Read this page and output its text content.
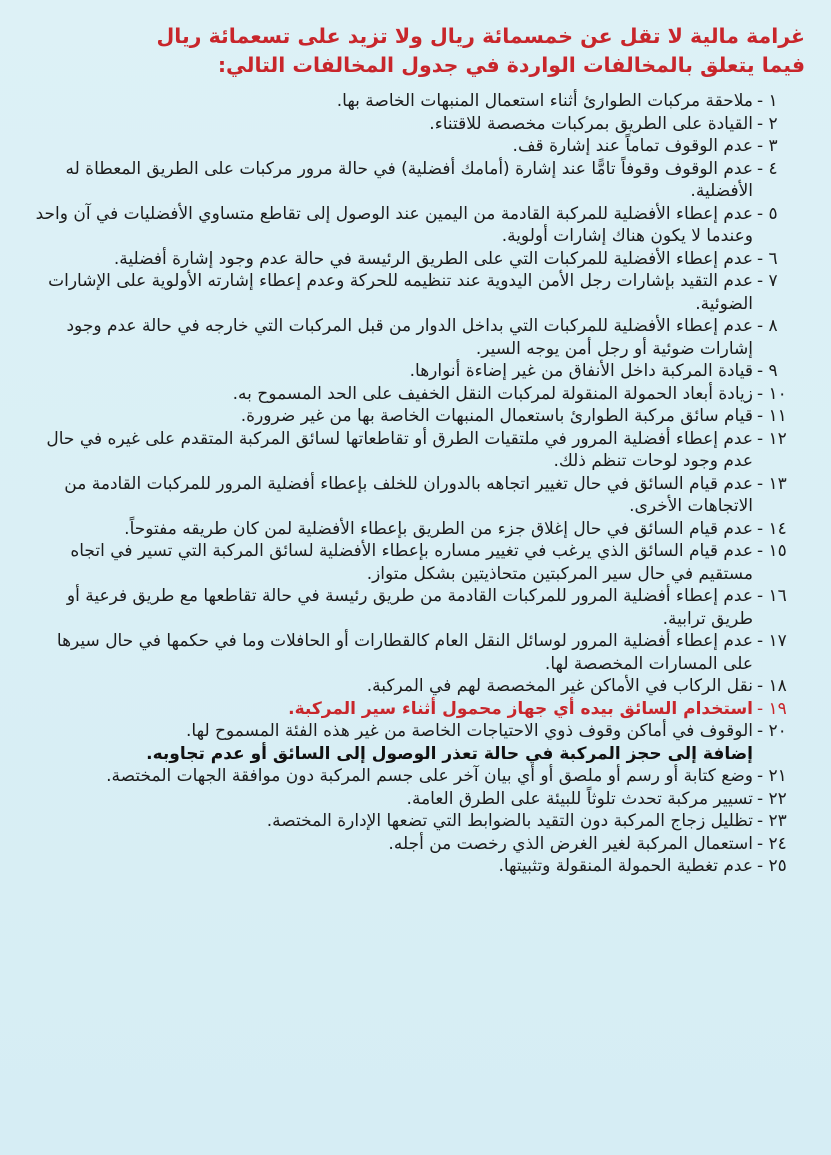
غرامة مالية لا تقل عن خمسمائة ريال ولا تزيد على تسعمائة ريال
فيما يتعلق بالمخالفات الواردة في جدول المخالفات التالي:
١ -
ملاحقة مركبات الطوارئ أثناء استعمال المنبهات الخاصة بها.
٢ -
القيادة على الطريق بمركبات مخصصة للاقتناء.
٣ -
عدم الوقوف تماماً عند إشارة قف.
٤ -
عدم الوقوف وقوفاً تامًّا عند إشارة (أمامك أفضلية) في حالة مرور مركبات على الطريق المعطاة له الأفضلية.
٥ -
عدم إعطاء الأفضلية للمركبة القادمة من اليمين عند الوصول إلى تقاطع متساوي الأفضليات في آن واحد وعندما لا يكون هناك إشارات أولوية.
٦ -
عدم إعطاء الأفضلية للمركبات التي على الطريق الرئيسة في حالة عدم وجود إشارة أفضلية.
٧ -
عدم التقيد بإشارات رجل الأمن اليدوية عند تنظيمه للحركة وعدم إعطاء إشارته الأولوية على الإشارات الضوئية.
٨ -
عدم إعطاء الأفضلية للمركبات التي بداخل الدوار من قبل المركبات التي خارجه في حالة عدم وجود إشارات ضوئية أو رجل أمن يوجه السير.
٩ -
قيادة المركبة داخل الأنفاق من غير إضاءة أنوارها.
١٠ -
زيادة أبعاد الحمولة المنقولة لمركبات النقل الخفيف على الحد المسموح به.
١١ -
قيام سائق مركبة الطوارئ باستعمال المنبهات الخاصة بها من غير ضرورة.
١٢ -
عدم إعطاء أفضلية المرور في ملتقيات الطرق أو تقاطعاتها لسائق المركبة المتقدم على غيره في حال عدم وجود لوحات تنظم ذلك.
١٣ -
عدم قيام السائق في حال تغيير اتجاهه بالدوران للخلف بإعطاء أفضلية المرور للمركبات القادمة من الاتجاهات الأخرى.
١٤ -
عدم قيام السائق في حال إغلاق جزء من الطريق بإعطاء الأفضلية لمن كان طريقه مفتوحاً.
١٥ -
عدم قيام السائق الذي يرغب في تغيير مساره بإعطاء الأفضلية لسائق المركبة التي تسير في اتجاه مستقيم في حال سير المركبتين متحاذيتين بشكل متواز.
١٦ -
عدم إعطاء أفضلية المرور للمركبات القادمة من طريق رئيسة في حالة تقاطعها مع طريق فرعية أو طريق ترابية.
١٧ -
عدم إعطاء أفضلية المرور لوسائل النقل العام كالقطارات أو الحافلات وما في حكمها في حال سيرها على المسارات المخصصة لها.
١٨ -
نقل الركاب في الأماكن غير المخصصة لهم في المركبة.
١٩ -
استخدام السائق بيده أي جهاز محمول أثناء سير المركبة.
٢٠ -
الوقوف في أماكن وقوف ذوي الاحتياجات الخاصة من غير هذه الفئة المسموح لها.
إضافة إلى حجز المركبة في حالة تعذر الوصول إلى السائق أو عدم تجاوبه.
٢١ -
وضع كتابة أو رسم أو ملصق أو أي بيان آخر على جسم المركبة دون موافقة الجهات المختصة.
٢٢ -
تسيير مركبة تحدث تلوثاً للبيئة على الطرق العامة.
٢٣ -
تظليل زجاج المركبة دون التقيد بالضوابط التي تضعها الإدارة المختصة.
٢٤ -
استعمال المركبة لغير الغرض الذي رخصت من أجله.
٢٥ -
عدم تغطية الحمولة المنقولة وتثبيتها.
